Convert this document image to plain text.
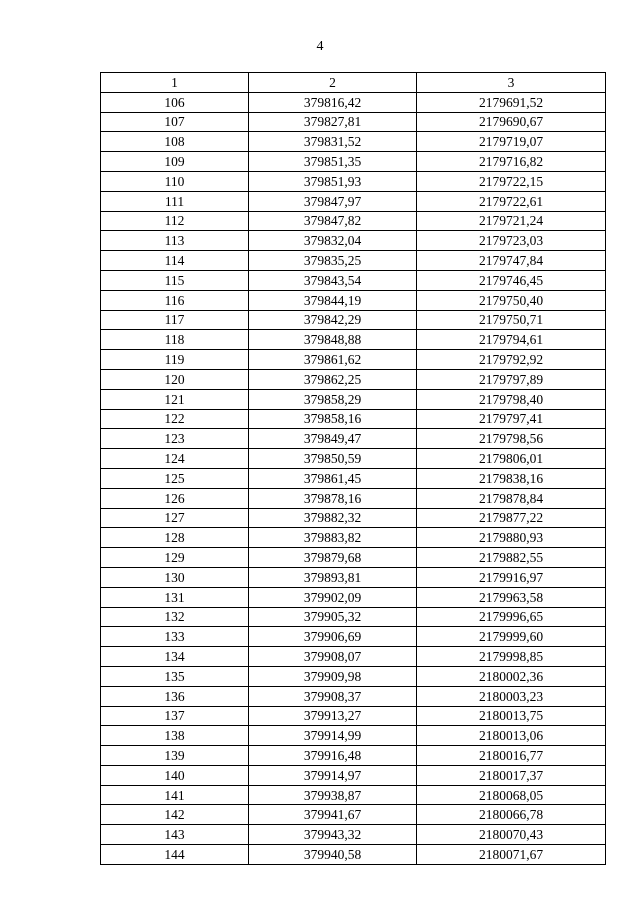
4
1	2	3
106	379816,42	2179691,52
107	379827,81	2179690,67
108	379831,52	2179719,07
109	379851,35	2179716,82
110	379851,93	2179722,15
111	379847,97	2179722,61
112	379847,82	2179721,24
113	379832,04	2179723,03
114	379835,25	2179747,84
115	379843,54	2179746,45
116	379844,19	2179750,40
117	379842,29	2179750,71
118	379848,88	2179794,61
119	379861,62	2179792,92
120	379862,25	2179797,89
121	379858,29	2179798,40
122	379858,16	2179797,41
123	379849,47	2179798,56
124	379850,59	2179806,01
125	379861,45	2179838,16
126	379878,16	2179878,84
127	379882,32	2179877,22
128	379883,82	2179880,93
129	379879,68	2179882,55
130	379893,81	2179916,97
131	379902,09	2179963,58
132	379905,32	2179996,65
133	379906,69	2179999,60
134	379908,07	2179998,85
135	379909,98	2180002,36
136	379908,37	2180003,23
137	379913,27	2180013,75
138	379914,99	2180013,06
139	379916,48	2180016,77
140	379914,97	2180017,37
141	379938,87	2180068,05
142	379941,67	2180066,78
143	379943,32	2180070,43
144	379940,58	2180071,67
